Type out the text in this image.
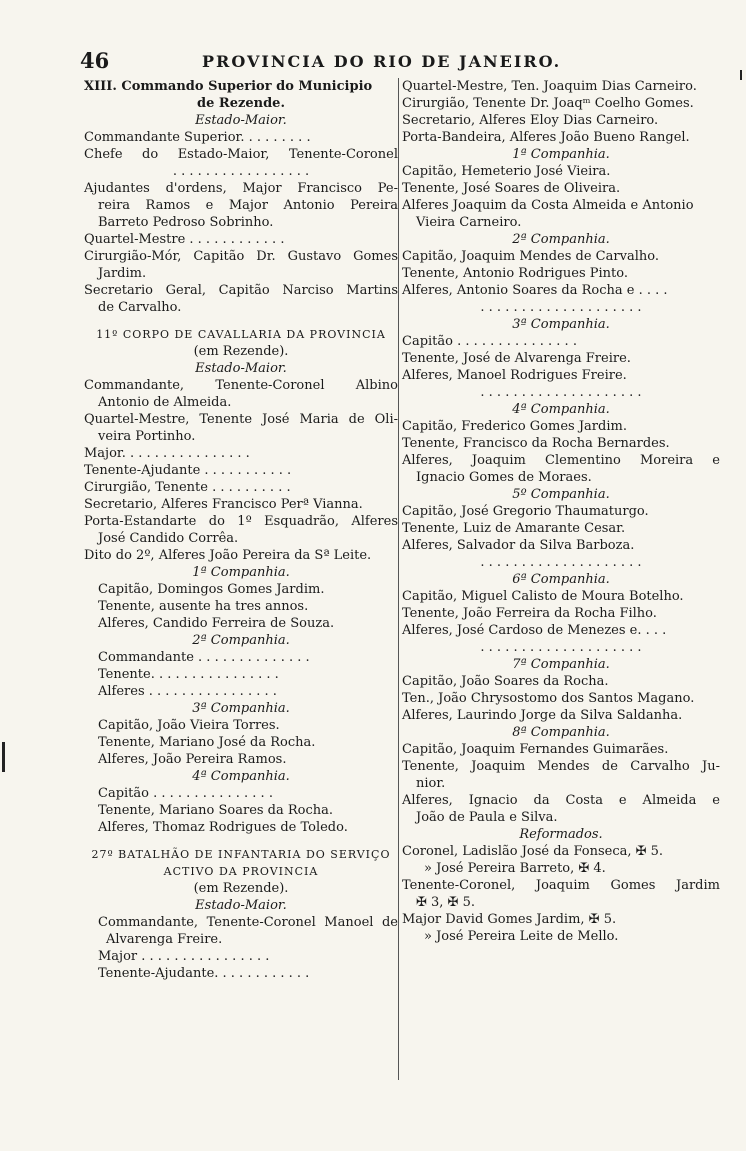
46	PROVINCIA DO RIO DE JANEIRO.
XIII. Commando Superior do Municipio
de Rezende.
Estado-Maior.
Commandante Superior. . . . . . . . .
Chefe do Estado-Maior, Tenente-Coronel
. . . . . . . . . . . . . . . . .
Ajudantes d'ordens, Major Francisco Pe-
reira Ramos e Major Antonio Pereira
Barreto Pedroso Sobrinho.
Quartel-Mestre . . . . . . . . . . . .
Cirurgião-Mór, Capitão Dr. Gustavo Gomes
Jardim.
Secretario Geral, Capitão Narciso Martins
de Carvalho.
11º CORPO DE CAVALLARIA DA PROVINCIA
(em Rezende).
Estado-Maior.
Commandante, Tenente-Coronel Albino
Antonio de Almeida.
Quartel-Mestre, Tenente José Maria de Oli-
veira Portinho.
Major. . . . . . . . . . . . . . . .
Tenente-Ajudante . . . . . . . . . . .
Cirurgião, Tenente . . . . . . . . . .
Secretario, Alferes Francisco Perª Vianna.
Porta-Estandarte do 1º Esquadrão, Alferes
José Candido Corrêa.
Dito do 2º, Alferes João Pereira da Sª Leite.
1ª Companhia.
Capitão, Domingos Gomes Jardim.
Tenente, ausente ha tres annos.
Alferes, Candido Ferreira de Souza.
2ª Companhia.
Commandante . . . . . . . . . . . . . .
Tenente. . . . . . . . . . . . . . . .
Alferes . . . . . . . . . . . . . . . .
3ª Companhia.
Capitão, João Vieira Torres.
Tenente, Mariano José da Rocha.
Alferes, João Pereira Ramos.
4ª Companhia.
Capitão . . . . . . . . . . . . . . .
Tenente, Mariano Soares da Rocha.
Alferes, Thomaz Rodrigues de Toledo.
27º BATALHÃO DE INFANTARIA DO SERVIÇO
ACTIVO DA PROVINCIA
(em Rezende).
Estado-Maior.
Commandante, Tenente-Coronel Manoel de
Alvarenga Freire.
Major . . . . . . . . . . . . . . . .
Tenente-Ajudante. . . . . . . . . . . .
Quartel-Mestre, Ten. Joaquim Dias Carneiro.
Cirurgião, Tenente Dr. Joaqᵐ Coelho Gomes.
Secretario, Alferes Eloy Dias Carneiro.
Porta-Bandeira, Alferes João Bueno Rangel.
1ª Companhia.
Capitão, Hemeterio José Vieira.
Tenente, José Soares de Oliveira.
Alferes Joaquim da Costa Almeida e Antonio
Vieira Carneiro.
2ª Companhia.
Capitão, Joaquim Mendes de Carvalho.
Tenente, Antonio Rodrigues Pinto.
Alferes, Antonio Soares da Rocha e . . . .
. . . . . . . . . . . . . . . . . . . .
3ª Companhia.
Capitão . . . . . . . . . . . . . . .
Tenente, José de Alvarenga Freire.
Alferes, Manoel Rodrigues Freire.
. . . . . . . . . . . . . . . . . . . .
4ª Companhia.
Capitão, Frederico Gomes Jardim.
Tenente, Francisco da Rocha Bernardes.
Alferes, Joaquim Clementino Moreira e
Ignacio Gomes de Moraes.
5º Companhia.
Capitão, José Gregorio Thaumaturgo.
Tenente, Luiz de Amarante Cesar.
Alferes, Salvador da Silva Barboza.
. . . . . . . . . . . . . . . . . . . .
6ª Companhia.
Capitão, Miguel Calisto de Moura Botelho.
Tenente, João Ferreira da Rocha Filho.
Alferes, José Cardoso de Menezes e. . . .
. . . . . . . . . . . . . . . . . . . .
7ª Companhia.
Capitão, João Soares da Rocha.
Ten., João Chrysostomo dos Santos Magano.
Alferes, Laurindo Jorge da Silva Saldanha.
8ª Companhia.
Capitão, Joaquim Fernandes Guimarães.
Tenente, Joaquim Mendes de Carvalho Ju-
nior.
Alferes, Ignacio da Costa e Almeida e
João de Paula e Silva.
Reformados.
Coronel, Ladislão José da Fonseca, ✠ 5.
» José Pereira Barreto, ✠ 4.
Tenente-Coronel, Joaquim Gomes Jardim
✠ 3, ✠ 5.
Major David Gomes Jardim, ✠ 5.
» José Pereira Leite de Mello.
